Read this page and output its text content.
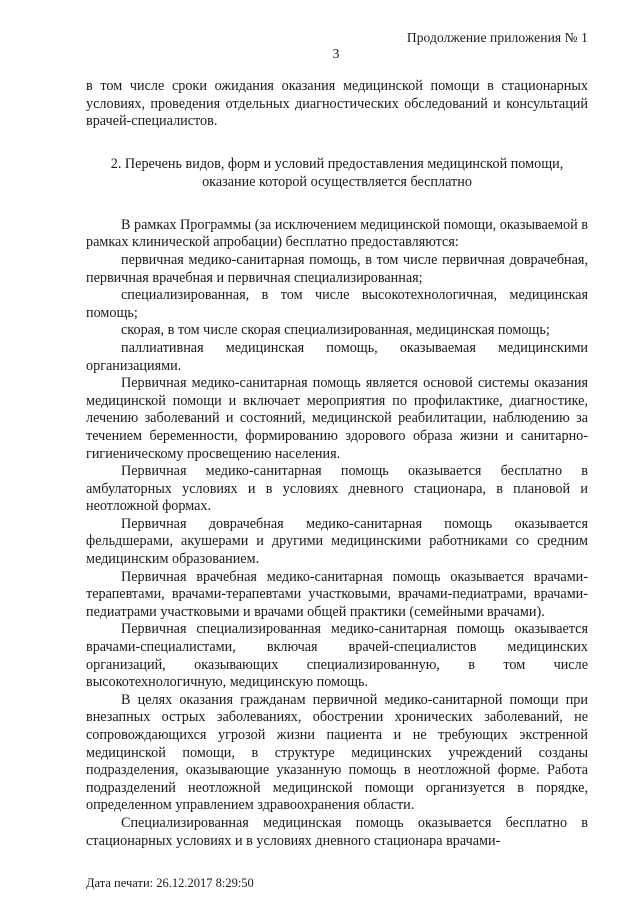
Продолжение приложения № 1
3

в том числе сроки ожидания оказания медицинской помощи в стационарных условиях, проведения отдельных диагностических обследований и консультаций врачей-специалистов.

2. Перечень видов, форм и условий предоставления медицинской помощи,
оказание которой осуществляется бесплатно

В рамках Программы (за исключением медицинской помощи, оказываемой в рамках клинической апробации) бесплатно предоставляются:

первичная медико-санитарная помощь, в том числе первичная доврачебная, первичная врачебная и первичная специализированная;

специализированная, в том числе высокотехнологичная, медицинская помощь;

скорая, в том числе скорая специализированная, медицинская помощь;

паллиативная медицинская помощь, оказываемая медицинскими организациями.

Первичная медико-санитарная помощь является основой системы оказания медицинской помощи и включает мероприятия по профилактике, диагностике, лечению заболеваний и состояний, медицинской реабилитации, наблюдению за течением беременности, формированию здорового образа жизни и санитарно-гигиеническому просвещению населения.

Первичная медико-санитарная помощь оказывается бесплатно в амбулаторных условиях и в условиях дневного стационара, в плановой и неотложной формах.

Первичная доврачебная медико-санитарная помощь оказывается фельдшерами, акушерами и другими медицинскими работниками со средним медицинским образованием.

Первичная врачебная медико-санитарная помощь оказывается врачами-терапевтами, врачами-терапевтами участковыми, врачами-педиатрами, врачами-педиатрами участковыми и врачами общей практики (семейными врачами).

Первичная специализированная медико-санитарная помощь оказывается врачами-специалистами, включая врачей-специалистов медицинских организаций, оказывающих специализированную, в том числе высокотехнологичную, медицинскую помощь.

В целях оказания гражданам первичной медико-санитарной помощи при внезапных острых заболеваниях, обострении хронических заболеваний, не сопровождающихся угрозой жизни пациента и не требующих экстренной медицинской помощи, в структуре медицинских учреждений созданы подразделения, оказывающие указанную помощь в неотложной форме. Работа подразделений неотложной медицинской помощи организуется в порядке, определенном управлением здравоохранения области.

Специализированная медицинская помощь оказывается бесплатно в стационарных условиях и в условиях дневного стационара врачами-

Дата печати: 26.12.2017 8:29:50
